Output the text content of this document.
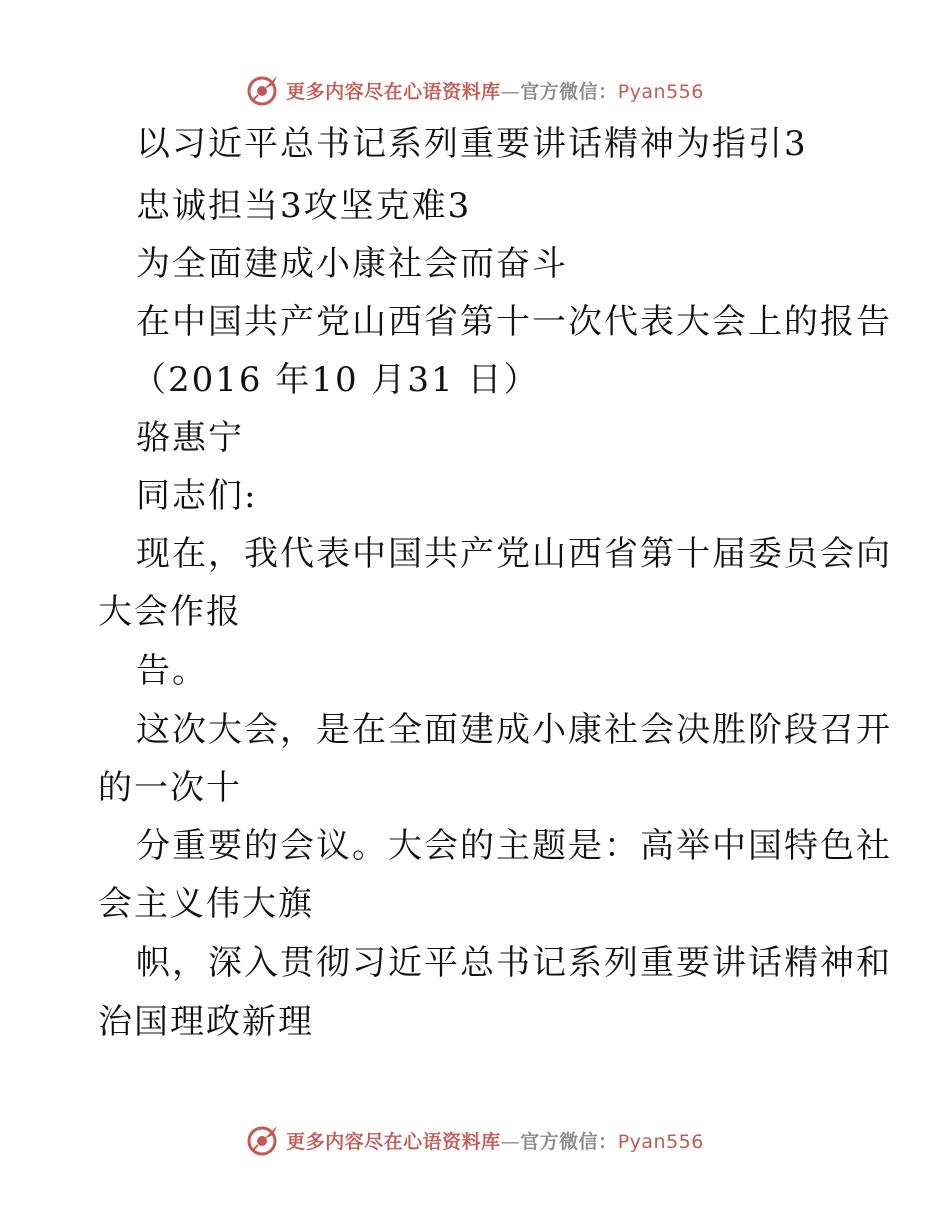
更多内容尽在心语资料库—官方微信：Pyan556
以习近平总书记系列重要讲话精神为指引3
忠诚担当3攻坚克难3
为全面建成小康社会而奋斗
在中国共产党山西省第十一次代表大会上的报告
（2016 年10 月31 日）
骆惠宁
同志们:
现在，我代表中国共产党山西省第十届委员会向
大会作报
告。
这次大会，是在全面建成小康社会决胜阶段召开
的一次十
分重要的会议。大会的主题是：高举中国特色社
会主义伟大旗
帜，深入贯彻习近平总书记系列重要讲话精神和
治国理政新理
更多内容尽在心语资料库—官方微信：Pyan556
